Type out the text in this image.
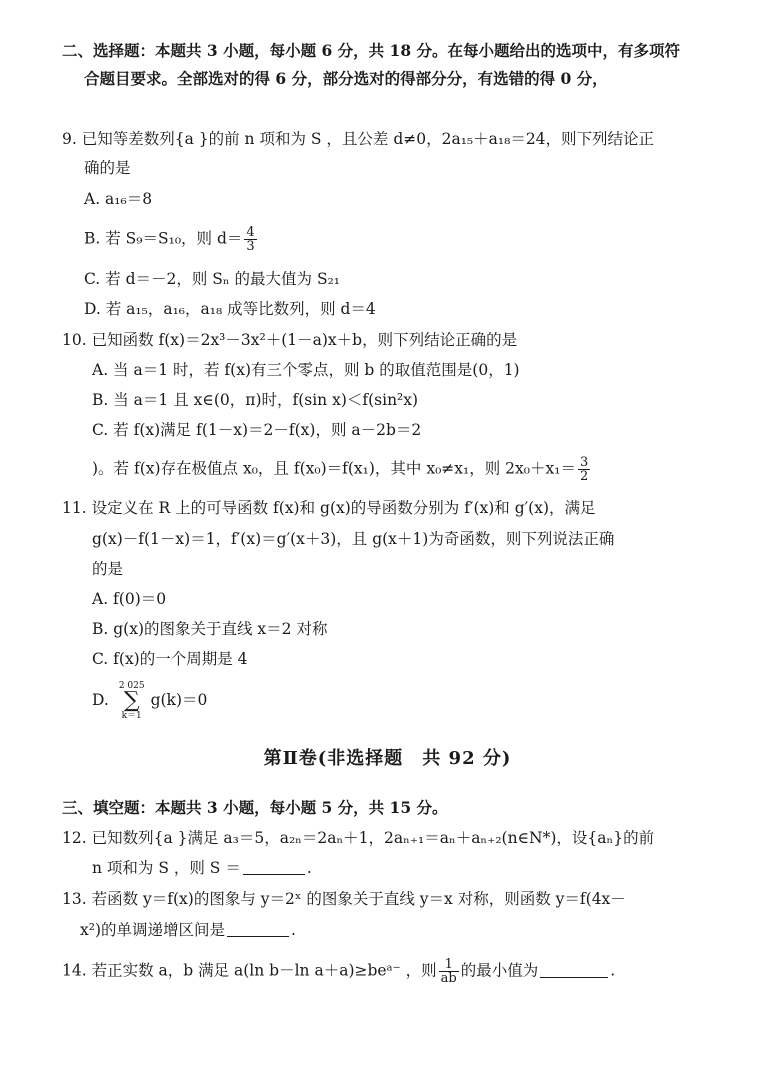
二、选择题：本题共 3 小题，每小题 6 分，共 18 分。在每小题给出的选项中，有多项符
合题目要求。全部选对的得 6 分，部分选对的得部分分，有选错的得 0 分，
9. 已知等差数列{a }的前 n 项和为 S ，且公差 d≠0，2a₁₅＋a₁₈＝24，则下列结论正
确的是
A. a₁₆＝8
B. 若 S₉＝S₁₀，则 $d= \frac{4}{3}$
C. 若 d＝－2，则 Sₙ 的最大值为 S₂₁
D. 若 a₁₅，a₁₆，a₁₈ 成等比数列，则 d＝4
10. 已知函数 f(x)＝2x³－3x²＋(1－a)x＋b，则下列结论正确的是
A. 当 a＝1 时，若 f(x)有三个零点，则 b 的取值范围是(0，1)
B. 当 a＝1 且 x∈(0，π)时，f(sin x)＜f(sin²x)
C. 若 f(x)满足 f(1－x)＝2－f(x)，则 a－2b＝2
)。若 f(x)存在极值点 x₀，且 f(x₀)＝f(x₁)，其中 x₀≠x₁，则 $2x_0+x_1= \frac{3}{2}$
11. 设定义在 R 上的可导函数 f(x)和 g(x)的导函数分别为 f′(x)和 g′(x)，满足
g(x)－f(1－x)＝1，f′(x)＝g′(x＋3)，且 g(x＋1)为奇函数，则下列说法正确
的是
A. f(0)＝0
B. g(x)的图象关于直线 x＝2 对称
C. f(x)的一个周期是 4
D.2 025
∑
k＝1g(k)＝0
第Ⅱ卷(非选择题　共 92 分)
三、填空题：本题共 3 小题，每小题 5 分，共 15 分。
12. 已知数列{a }满足 a₃＝5，a₂ₙ＝2aₙ＋1，2aₙ₊₁＝aₙ＋aₙ₊₂(n∈N*)，设{aₙ}的前
n 项和为 S ，则 S ＝	.
13. 若函数 y＝f(x)的图象与 y＝2ˣ 的图象关于直线 y＝x 对称，则函数 y＝f(4x－
x²)的单调递增区间是	.
14. 若正实数 a，b 满足 a(ln b－ln a＋a)≥beᵃ⁻ ，则 $\frac{1}{ab}$ 的最小值为	.
